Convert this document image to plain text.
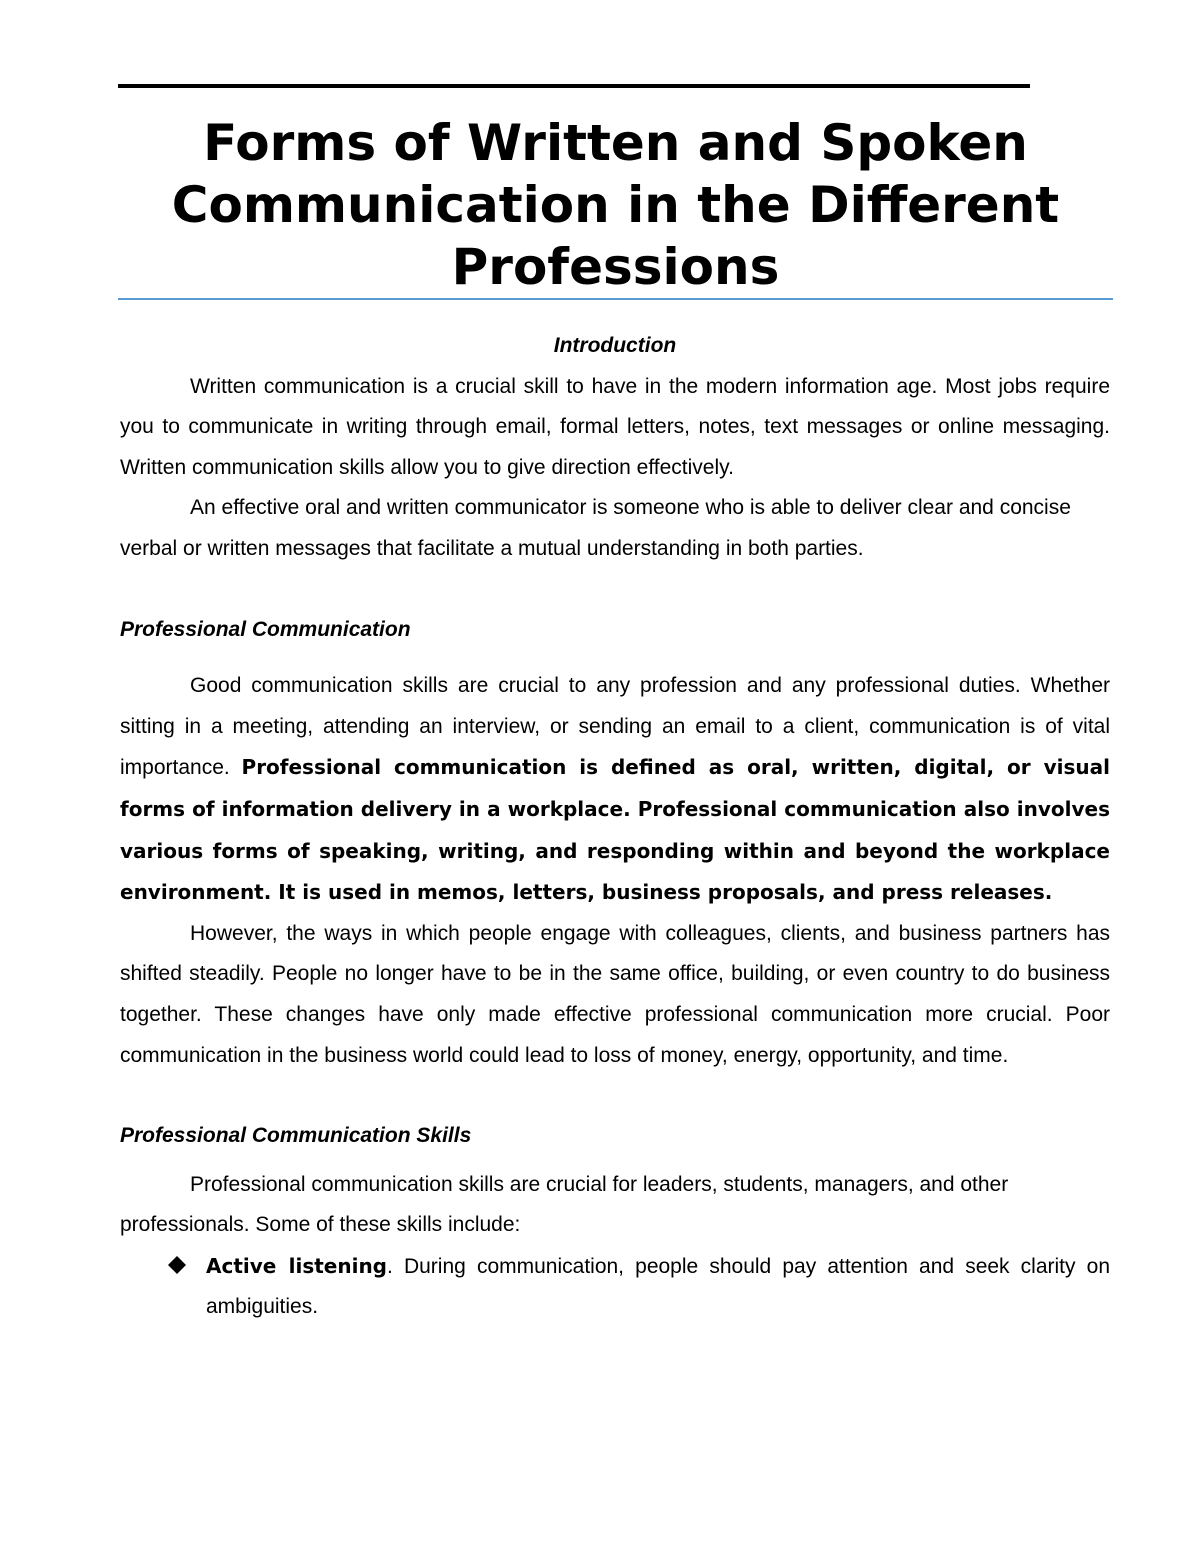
Forms of Written and Spoken Communication in the Different Professions

Introduction

Written communication is a crucial skill to have in the modern information age. Most jobs require you to communicate in writing through email, formal letters, notes, text messages or online messaging. Written communication skills allow you to give direction effectively.

An effective oral and written communicator is someone who is able to deliver clear and concise verbal or written messages that facilitate a mutual understanding in both parties.

Professional Communication

Good communication skills are crucial to any profession and any professional duties. Whether sitting in a meeting, attending an interview, or sending an email to a client, communication is of vital importance. Professional communication is defined as oral, written, digital, or visual forms of information delivery in a workplace. Professional communication also involves various forms of speaking, writing, and responding within and beyond the workplace environment. It is used in memos, letters, business proposals, and press releases.

However, the ways in which people engage with colleagues, clients, and business partners has shifted steadily. People no longer have to be in the same office, building, or even country to do business together. These changes have only made effective professional communication more crucial. Poor communication in the business world could lead to loss of money, energy, opportunity, and time.

Professional Communication Skills

Professional communication skills are crucial for leaders, students, managers, and other professionals. Some of these skills include:

Active listening. During communication, people should pay attention and seek clarity on ambiguities.
